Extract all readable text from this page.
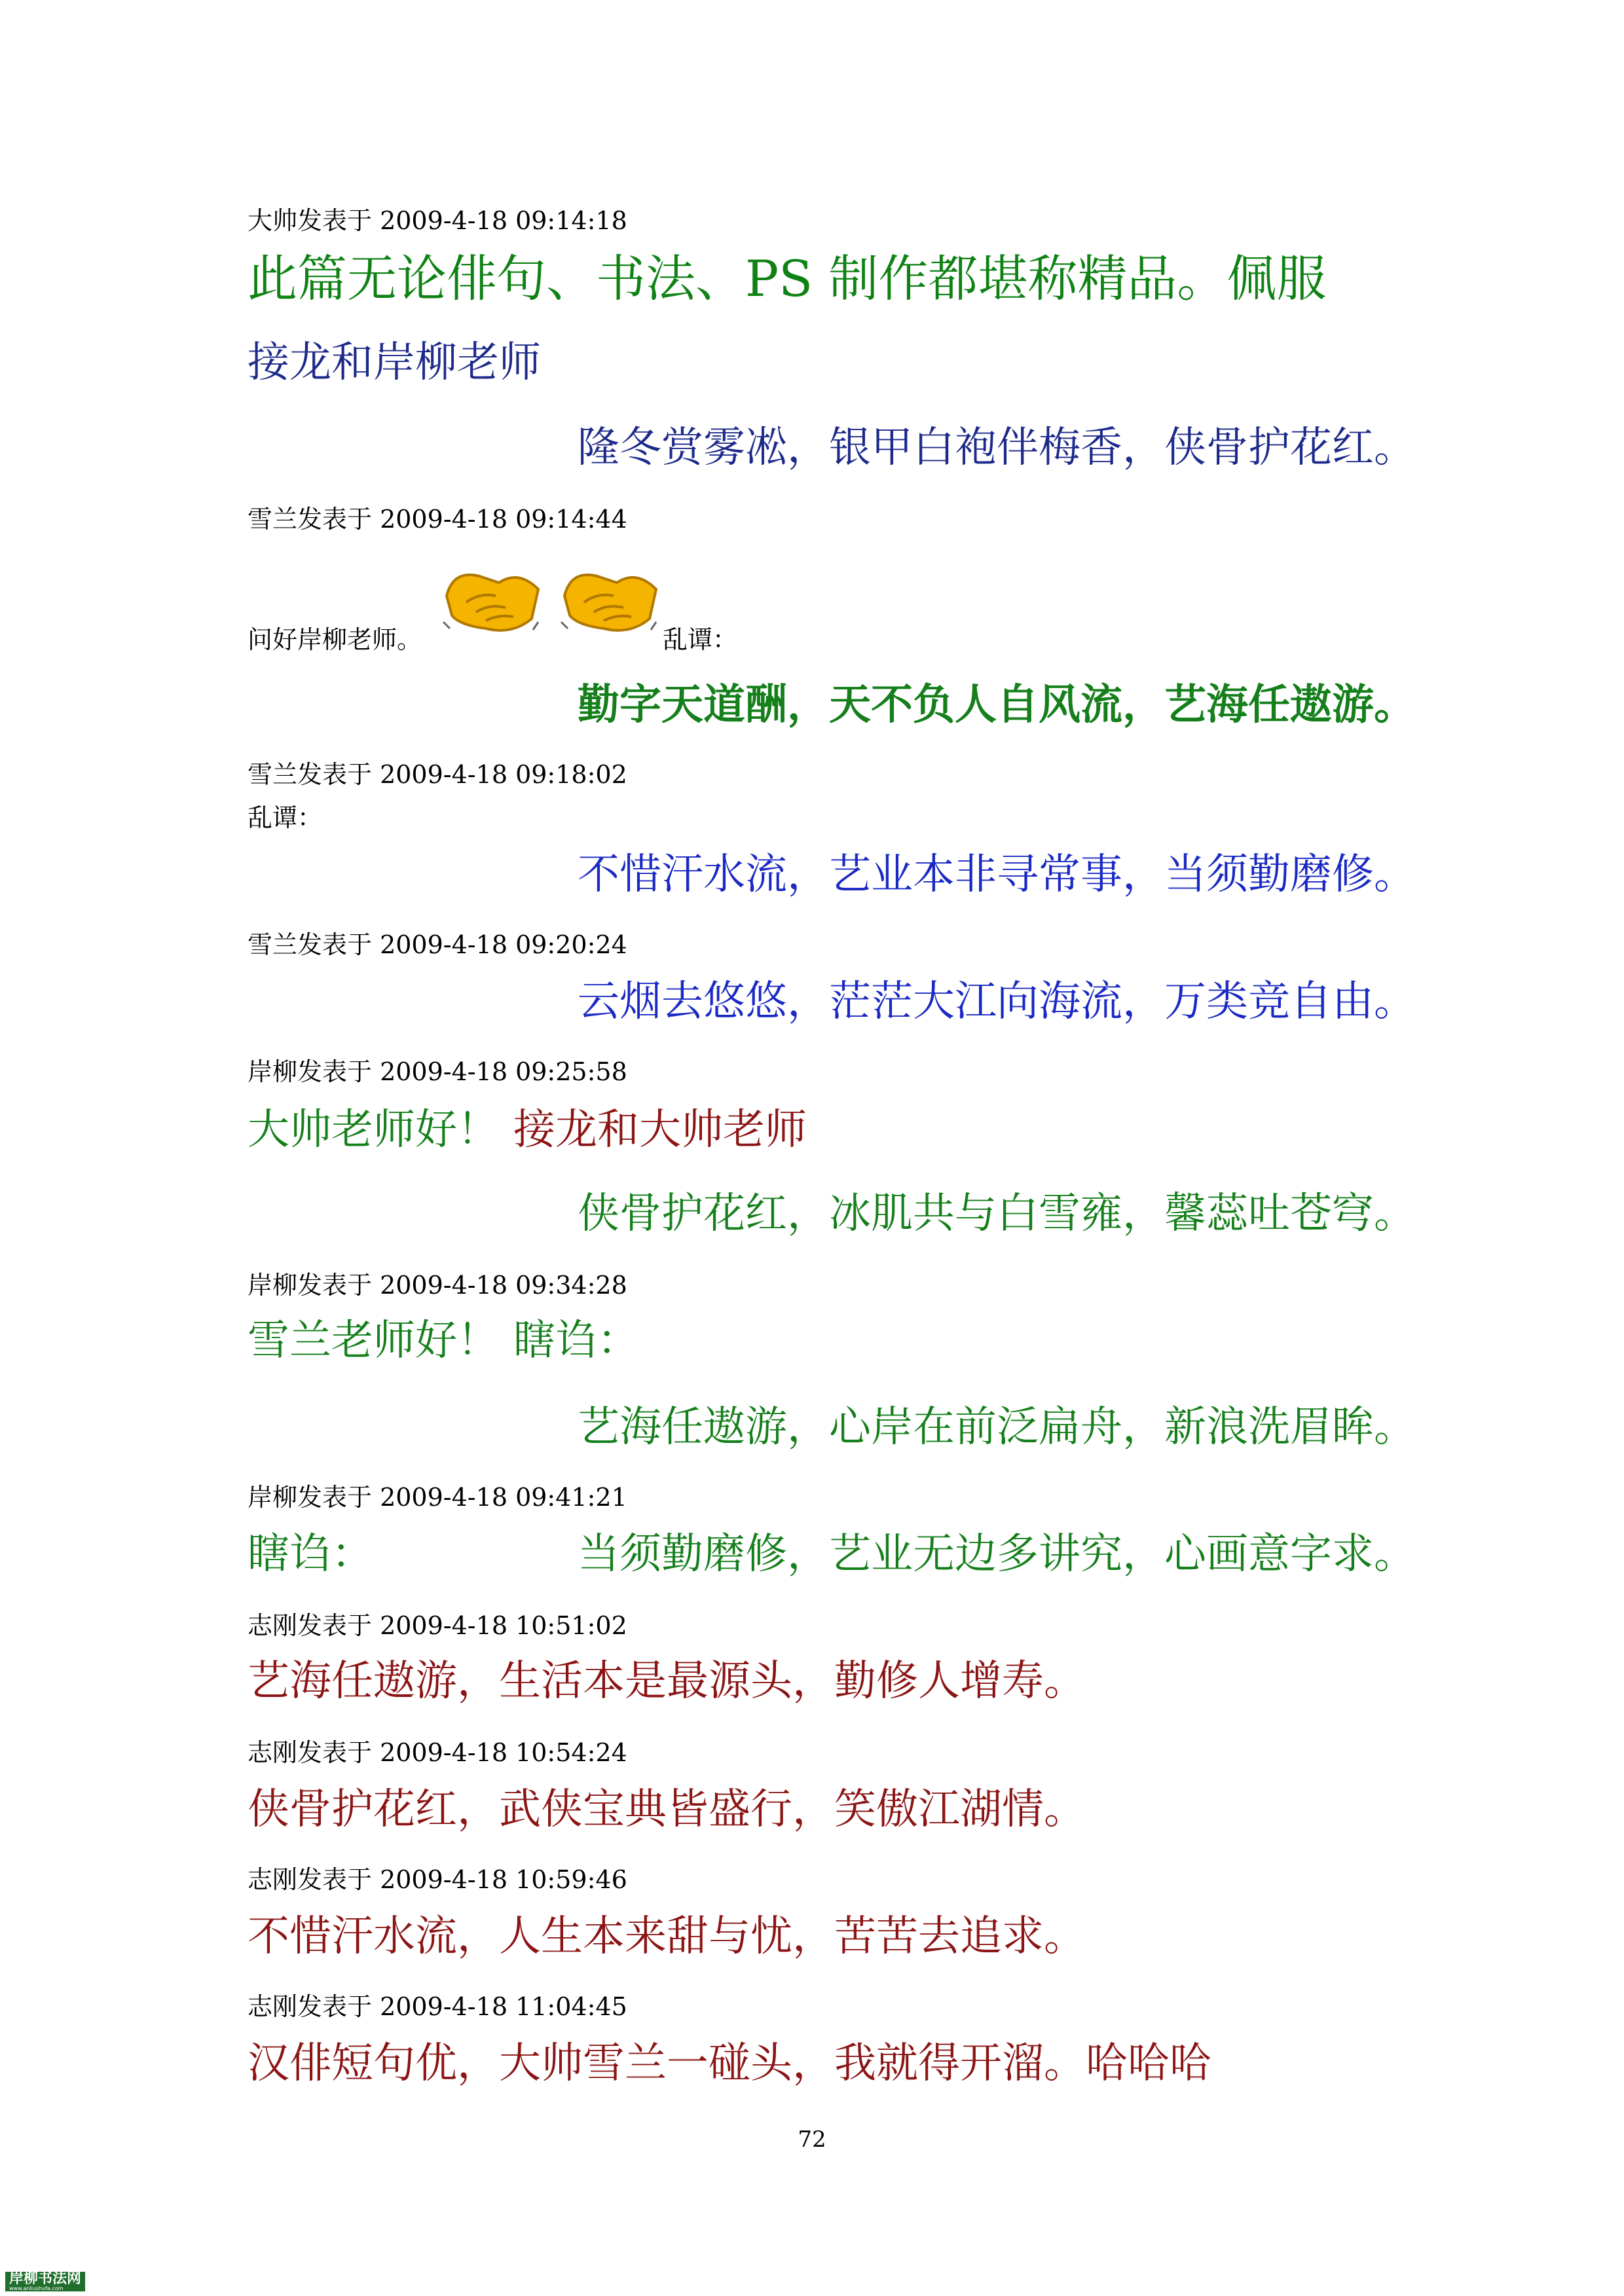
大帅发表于 2009-4-18 09:14:18
此篇无论俳句、书法、PS 制作都堪称精品。佩服
接龙和岸柳老师
隆冬赏雾凇，银甲白袍伴梅香，侠骨护花红。
雪兰发表于 2009-4-18 09:14:44
问好岸柳老师。	乱谭：
勤字天道酬，天不负人自风流，艺海任遨游。
雪兰发表于 2009-4-18 09:18:02
乱谭：
不惜汗水流，艺业本非寻常事，当须勤磨修。
雪兰发表于 2009-4-18 09:20:24
云烟去悠悠，茫茫大江向海流，万类竞自由。
岸柳发表于 2009-4-18 09:25:58
大帅老师好！ 接龙和大帅老师
侠骨护花红，冰肌共与白雪雍，馨蕊吐苍穹。
岸柳发表于 2009-4-18 09:34:28
雪兰老师好！ 瞎诌：
艺海任遨游，心岸在前泛扁舟，新浪洗眉眸。
岸柳发表于 2009-4-18 09:41:21
瞎诌：	当须勤磨修，艺业无边多讲究，心画意字求。
志刚发表于 2009-4-18 10:51:02
艺海任遨游，生活本是最源头，勤修人增寿。
志刚发表于 2009-4-18 10:54:24
侠骨护花红，武侠宝典皆盛行，笑傲江湖情。
志刚发表于 2009-4-18 10:59:46
不惜汗水流，人生本来甜与忧，苦苦去追求。
志刚发表于 2009-4-18 11:04:45
汉俳短句优，大帅雪兰一碰头，我就得开溜。哈哈哈
72
岸柳书法网
www.anliushufa.com
